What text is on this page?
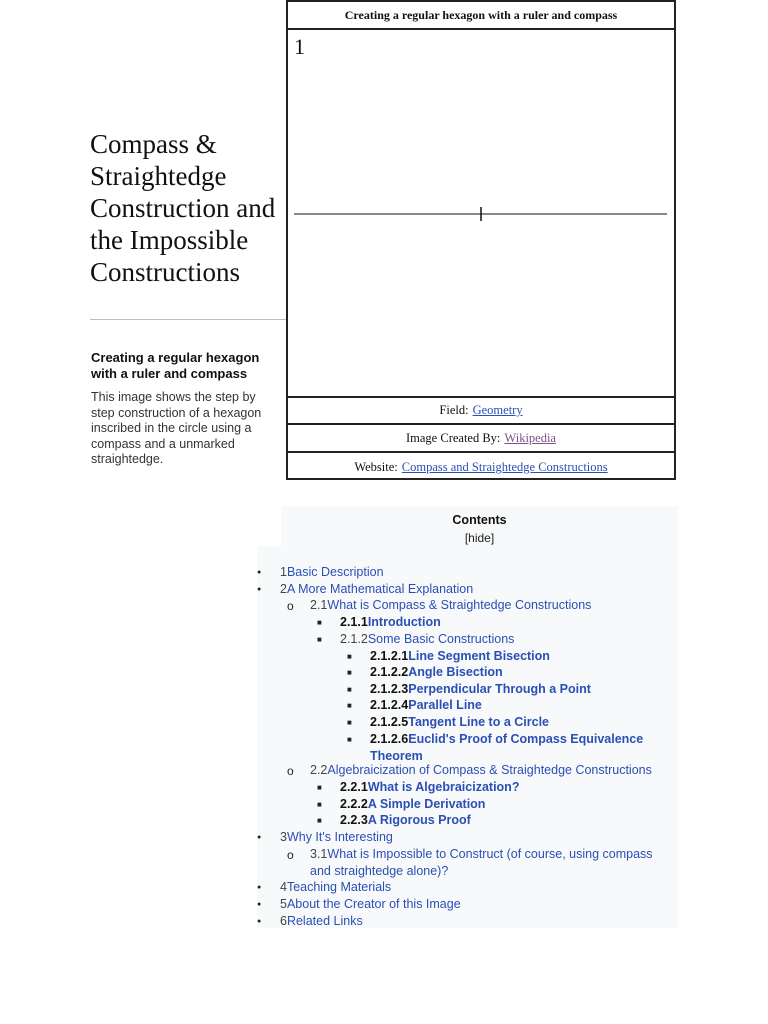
Compass & Straightedge Construction and the Impossible Constructions

Creating a regular hexagon with a ruler and compass

This image shows the step by step construction of a hexagon inscribed in the circle using a compass and a unmarked straightedge.

Creating a regular hexagon with a ruler and compass
1
Field: Geometry
Image Created By: Wikipedia
Website: Compass and Straightedge Constructions
Contents
[hide]
● 1Basic Description
● 2A More Mathematical Explanation
o 2.1What is Compass & Straightedge Constructions
■ 2.1.1Introduction
■ 2.1.2Some Basic Constructions
■ 2.1.2.1Line Segment Bisection
■ 2.1.2.2Angle Bisection
■ 2.1.2.3Perpendicular Through a Point
■ 2.1.2.4Parallel Line
■ 2.1.2.5Tangent Line to a Circle
■ 2.1.2.6Euclid's Proof of Compass Equivalence Theorem
o 2.2Algebraicization of Compass & Straightedge Constructions
■ 2.2.1What is Algebraicization?
■ 2.2.2A Simple Derivation
■ 2.2.3A Rigorous Proof
● 3Why It's Interesting
o 3.1What is Impossible to Construct (of course, using compass and straightedge alone)?
● 4Teaching Materials
● 5About the Creator of this Image
● 6Related Links
